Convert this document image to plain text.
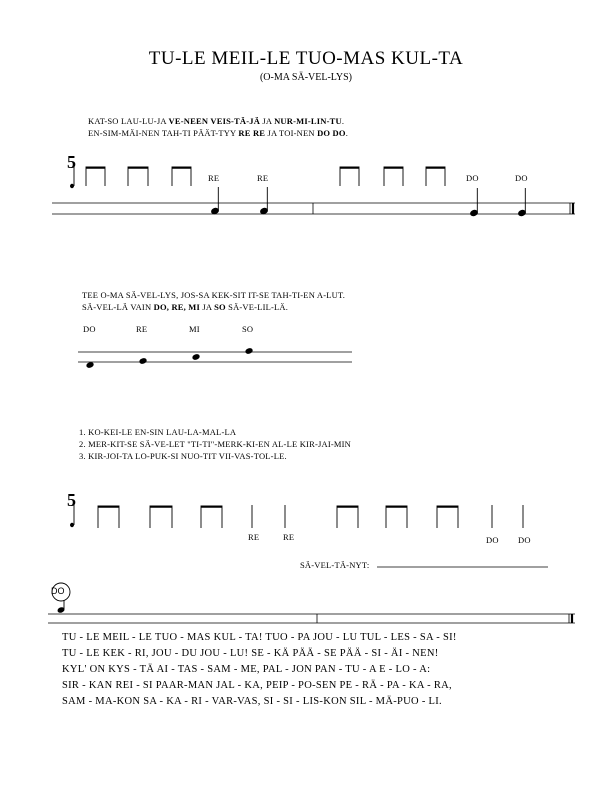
TU-LE MEIL-LE TUO-MAS KUL-TA
(O-MA SÄ-VEL-LYS)
KAT-SO LAU-LU-JA VE-NEEN VEIS-TÄ-JÄ JA NUR-MI-LIN-TU.
EN-SIM-MÄI-NEN TAH-TI PÄÄT-TYY RE RE JA TOI-NEN DO DO.
5
RE	RE	DO	DO
TEE O-MA SÄ-VEL-LYS, JOS-SA KEK-SIT IT-SE TAH-TI-EN A-LUT.
SÄ-VEL-LÄ VAIN DO, RE, MI JA SO SÄ-VE-LIL-LÄ.
DO	RE	MI	SO
1. KO-KEI-LE EN-SIN LAU-LA-MAL-LA
2. MER-KIT-SE SÄ-VE-LET "TI-TI"-MERK-KI-EN AL-LE KIR-JAI-MIN
3. KIR-JOI-TA LO-PUK-SI NUO-TIT VII-VAS-TOL-LE.
5
RE	RE	DO DO
SÄ-VEL-TÄ-NYT:
DO
TU - LE MEIL - LE TUO - MAS KUL - TA! TUO - PA JOU - LU TUL - LES - SA - SI!
TU - LE KEK - RI, JOU - DU JOU - LU! SE - KÄ PÄÄ - SE PÄÄ - SI - ÄI - NEN!
KYL' ON KYS - TÄ AI - TAS - SAM - ME, PAL - JON PAN - TU - A E - LO - A:
SIR - KAN REI - SI PAAR-MAN JAL - KA, PEIP - PO-SEN PE - RÄ - PA - KA - RA,
SAM - MA-KON SA - KA - RI - VAR-VAS, SI - SI - LIS-KON SIL - MÄ-PUO - LI.
